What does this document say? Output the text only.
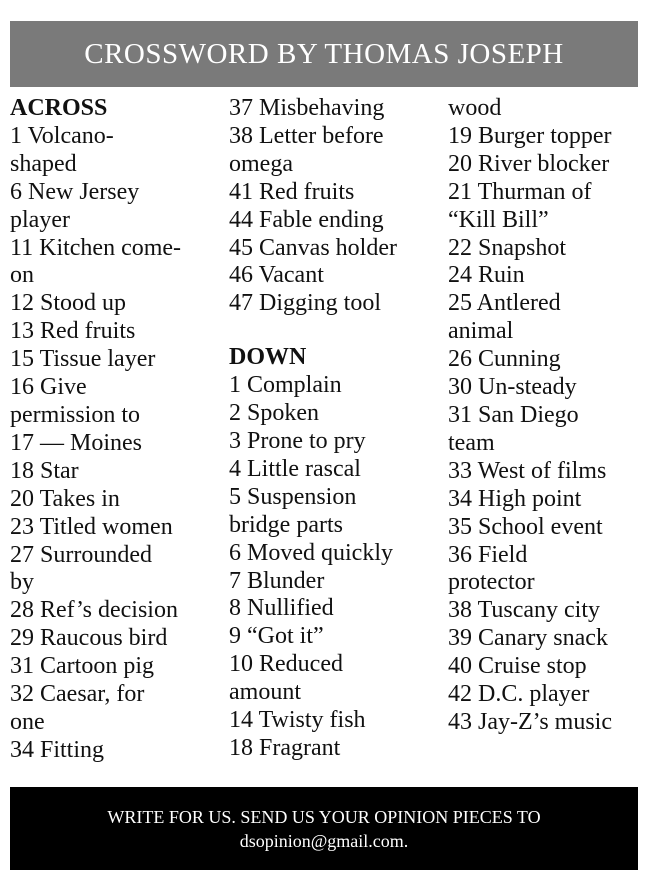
CROSSWORD BY THOMAS JOSEPH
ACROSS
1 Volcano-
shaped
6 New Jersey
player
11 Kitchen come-
on
12 Stood up
13 Red fruits
15 Tissue layer
16 Give
permission to
17 — Moines
18 Star
20 Takes in
23 Titled women
27 Surrounded
by
28 Ref’s decision
29 Raucous bird
31 Cartoon pig
32 Caesar, for
one
34 Fitting
37 Misbehaving
38 Letter before
omega
41 Red fruits
44 Fable ending
45 Canvas holder
46 Vacant
47 Digging tool
DOWN
1 Complain
2 Spoken
3 Prone to pry
4 Little rascal
5 Suspension
bridge parts
6 Moved quickly
7 Blunder
8 Nullified
9 “Got it”
10 Reduced
amount
14 Twisty fish
18 Fragrant
wood
19 Burger topper
20 River blocker
21 Thurman of
“Kill Bill”
22 Snapshot
24 Ruin
25 Antlered
animal
26 Cunning
30 Un-steady
31 San Diego
team
33 West of films
34 High point
35 School event
36 Field
protector
38 Tuscany city
39 Canary snack
40 Cruise stop
42 D.C. player
43 Jay-Z’s music
WRITE FOR US. SEND US YOUR OPINION PIECES TO
dsopinion@gmail.com.
